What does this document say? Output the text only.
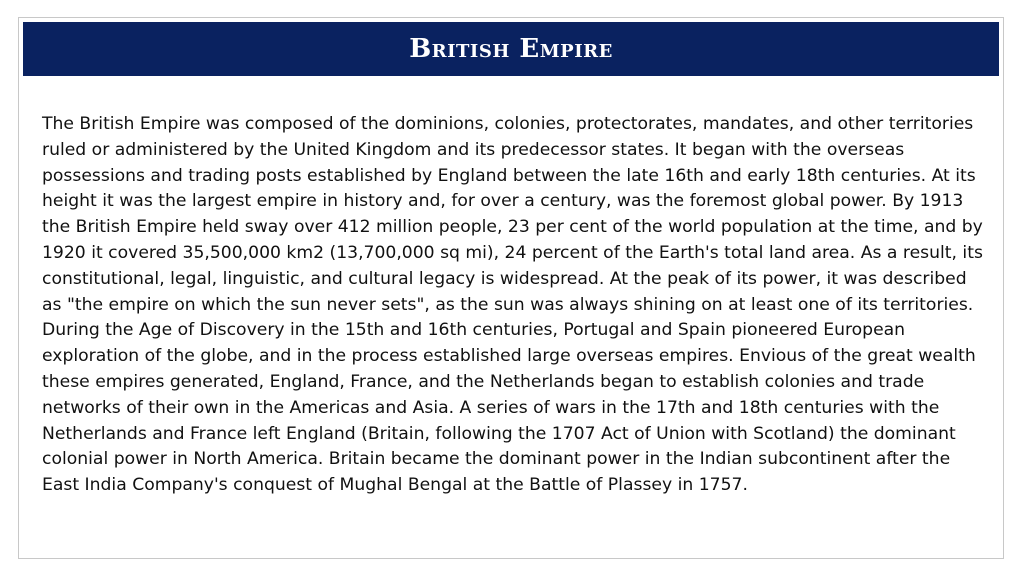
British Empire

The British Empire was composed of the dominions, colonies, protectorates, mandates, and other territories ruled or administered by the United Kingdom and its predecessor states. It began with the overseas possessions and trading posts established by England between the late 16th and early 18th centuries. At its height it was the largest empire in history and, for over a century, was the foremost global power. By 1913 the British Empire held sway over 412 million people, 23 per cent of the world population at the time, and by 1920 it covered 35,500,000 km2 (13,700,000 sq mi), 24 percent of the Earth's total land area. As a result, its constitutional, legal, linguistic, and cultural legacy is widespread. At the peak of its power, it was described as "the empire on which the sun never sets", as the sun was always shining on at least one of its territories. During the Age of Discovery in the 15th and 16th centuries, Portugal and Spain pioneered European exploration of the globe, and in the process established large overseas empires. Envious of the great wealth these empires generated, England, France, and the Netherlands began to establish colonies and trade networks of their own in the Americas and Asia. A series of wars in the 17th and 18th centuries with the Netherlands and France left England (Britain, following the 1707 Act of Union with Scotland) the dominant colonial power in North America. Britain became the dominant power in the Indian subcontinent after the East India Company's conquest of Mughal Bengal at the Battle of Plassey in 1757.
